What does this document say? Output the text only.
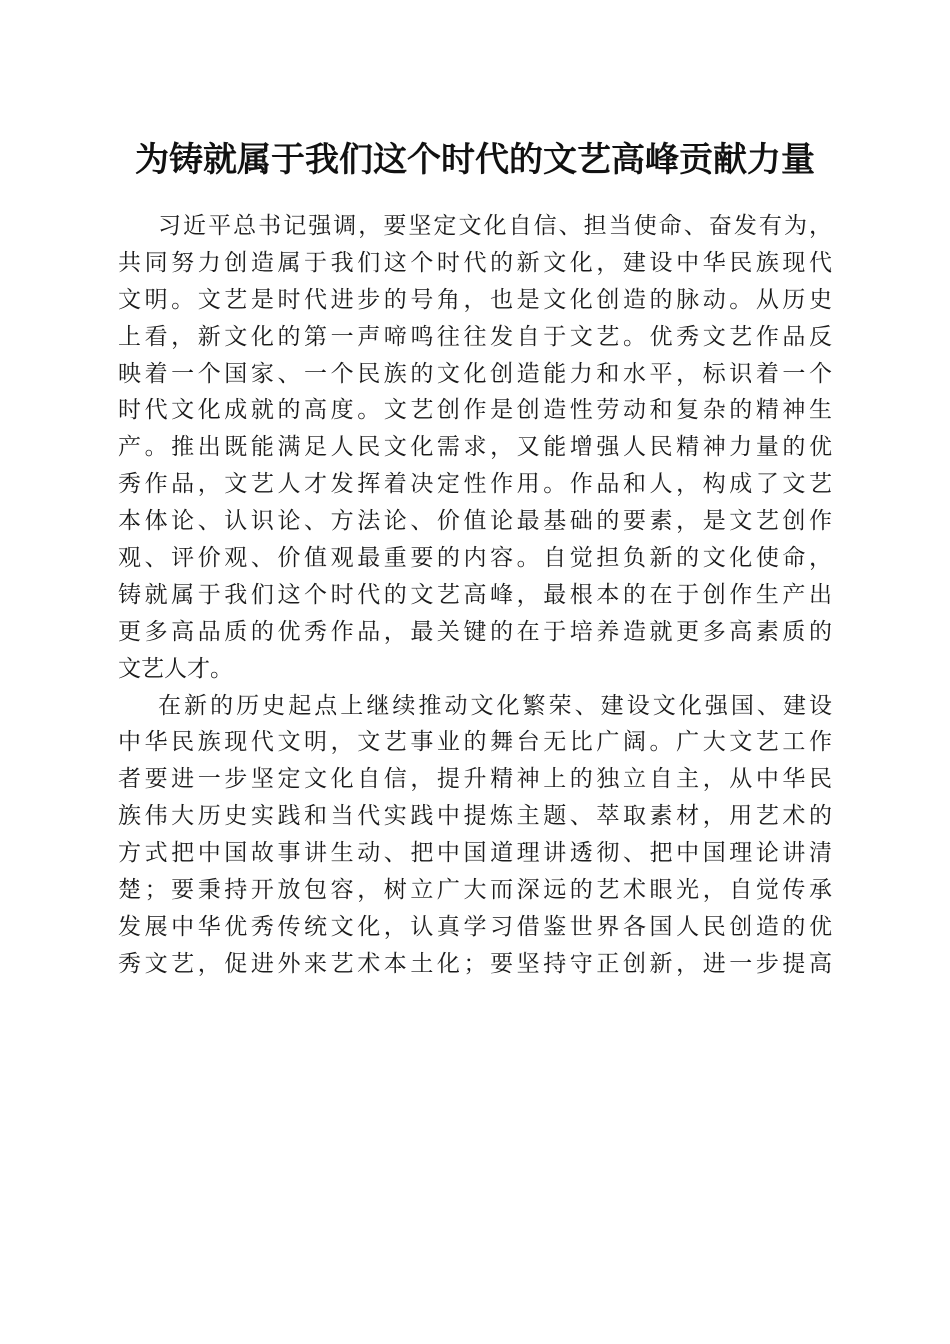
为铸就属于我们这个时代的文艺高峰贡献力量
习近平总书记强调，要坚定文化自信、担当使命、奋发有为，
共同努力创造属于我们这个时代的新文化，建设中华民族现代
文明。文艺是时代进步的号角，也是文化创造的脉动。从历史
上看，新文化的第一声啼鸣往往发自于文艺。优秀文艺作品反
映着一个国家、一个民族的文化创造能力和水平，标识着一个
时代文化成就的高度。文艺创作是创造性劳动和复杂的精神生
产。推出既能满足人民文化需求，又能增强人民精神力量的优
秀作品，文艺人才发挥着决定性作用。作品和人，构成了文艺
本体论、认识论、方法论、价值论最基础的要素，是文艺创作
观、评价观、价值观最重要的内容。自觉担负新的文化使命，
铸就属于我们这个时代的文艺高峰，最根本的在于创作生产出
更多高品质的优秀作品，最关键的在于培养造就更多高素质的
文艺人才。
在新的历史起点上继续推动文化繁荣、建设文化强国、建设
中华民族现代文明，文艺事业的舞台无比广阔。广大文艺工作
者要进一步坚定文化自信，提升精神上的独立自主，从中华民
族伟大历史实践和当代实践中提炼主题、萃取素材，用艺术的
方式把中国故事讲生动、把中国道理讲透彻、把中国理论讲清
楚；要秉持开放包容，树立广大而深远的艺术眼光，自觉传承
发展中华优秀传统文化，认真学习借鉴世界各国人民创造的优
秀文艺，促进外来艺术本土化；要坚持守正创新，进一步提高
